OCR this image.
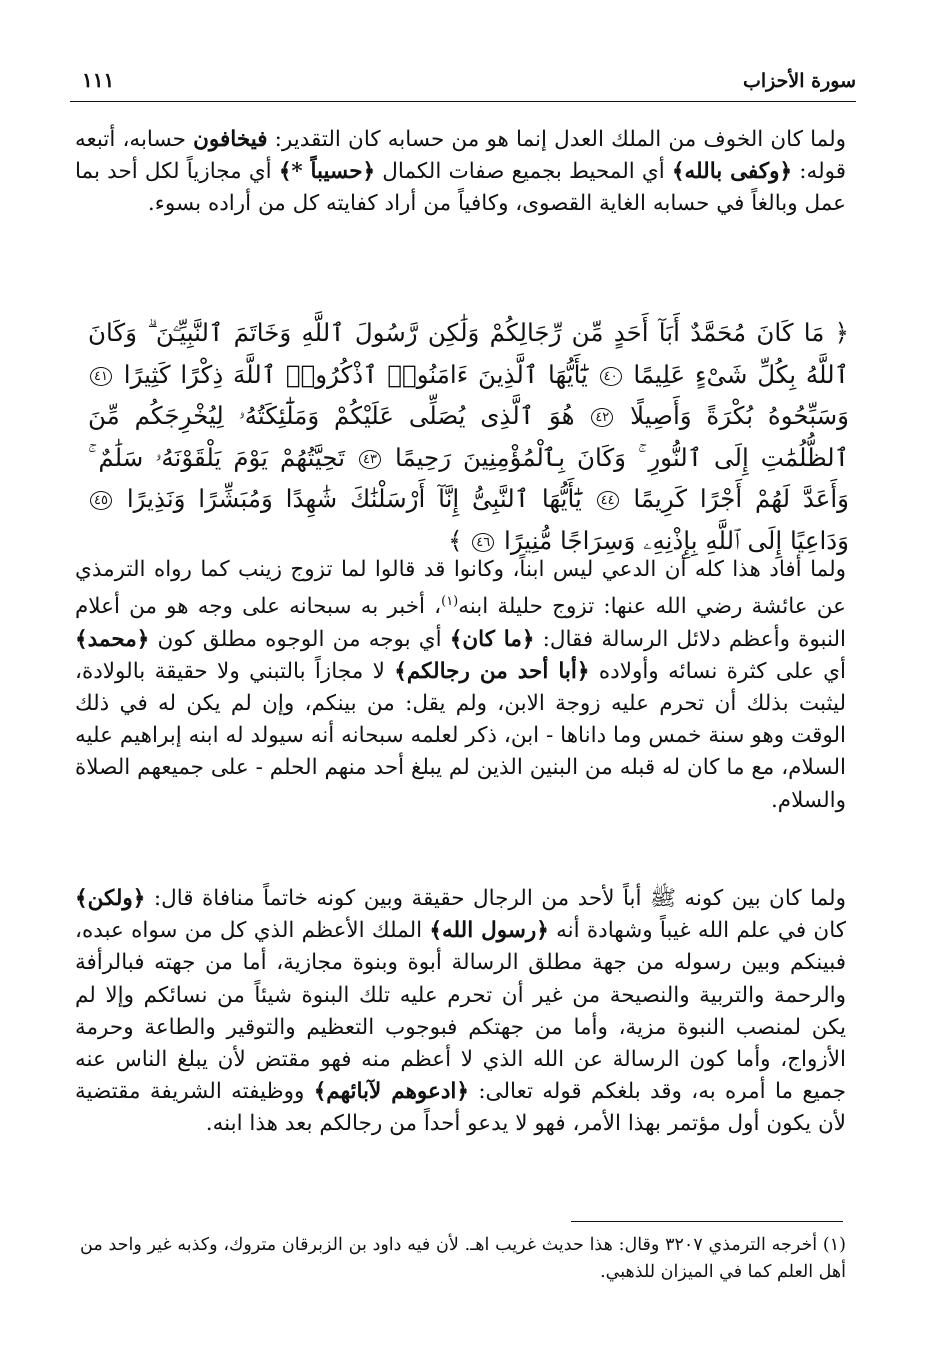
سورة الأحزاب
١١١

ولما كان الخوف من الملك العدل إنما هو من حسابه كان التقدير: فيخافون حسابه، أتبعه قوله: ﴿وكفى بالله﴾ أي المحيط بجميع صفات الكمال ﴿حسيباً *﴾ أي مجازياً لكل أحد بما عمل وبالغاً في حسابه الغاية القصوى، وكافياً من أراد كفايته كل من أراده بسوء.

﴿ مَا كَانَ مُحَمَّدٌ أَبَآ أَحَدٍ مِّن رِّجَالِكُمْ وَلَٰكِن رَّسُولَ ٱللَّهِ وَخَاتَمَ ٱلنَّبِيِّـۧنَ ۗ وَكَانَ ٱللَّهُ بِكُلِّ شَىْءٍ عَلِيمًا ٤٠ يَٰٓأَيُّهَا ٱلَّذِينَ ءَامَنُوا۟ ٱذْكُرُوا۟ ٱللَّهَ ذِكْرًا كَثِيرًا ٤١ وَسَبِّحُوهُ بُكْرَةً وَأَصِيلًا ٤٢ هُوَ ٱلَّذِى يُصَلِّى عَلَيْكُمْ وَمَلَٰٓئِكَتُهُۥ لِيُخْرِجَكُم مِّنَ ٱلظُّلُمَٰتِ إِلَى ٱلنُّورِ ۚ وَكَانَ بِٱلْمُؤْمِنِينَ رَحِيمًا ٤٣ تَحِيَّتُهُمْ يَوْمَ يَلْقَوْنَهُۥ سَلَٰمٌ ۚ وَأَعَدَّ لَهُمْ أَجْرًا كَرِيمًا ٤٤ يَٰٓأَيُّهَا ٱلنَّبِىُّ إِنَّآ أَرْسَلْنَٰكَ شَٰهِدًا وَمُبَشِّرًا وَنَذِيرًا ٤٥ وَدَاعِيًا إِلَى ٱللَّهِ بِإِذْنِهِۦ وَسِرَاجًا مُّنِيرًا ٤٦ ﴾

ولما أفاد هذا كله أن الدعي ليس ابناً، وكانوا قد قالوا لما تزوج زينب كما رواه الترمذي عن عائشة رضي الله عنها: تزوج حليلة ابنه$^{(١)}$، أخبر به سبحانه على وجه هو من أعلام النبوة وأعظم دلائل الرسالة فقال: ﴿ما كان﴾ أي بوجه من الوجوه مطلق كون ﴿محمد﴾ أي على كثرة نسائه وأولاده ﴿أبا أحد من رجالكم﴾ لا مجازاً بالتبني ولا حقيقة بالولادة، ليثبت بذلك أن تحرم عليه زوجة الابن، ولم يقل: من بينكم، وإن لم يكن له في ذلك الوقت وهو سنة خمس وما داناها - ابن، ذكر لعلمه سبحانه أنه سيولد له ابنه إبراهيم عليه السلام، مع ما كان له قبله من البنين الذين لم يبلغ أحد منهم الحلم - على جميعهم الصلاة والسلام.

ولما كان بين كونه ﷺ أباً لأحد من الرجال حقيقة وبين كونه خاتماً منافاة قال: ﴿ولكن﴾ كان في علم الله غيباً وشهادة أنه ﴿رسول الله﴾ الملك الأعظم الذي كل من سواه عبده، فبينكم وبين رسوله من جهة مطلق الرسالة أبوة وبنوة مجازية، أما من جهته فبالرأفة والرحمة والتربية والنصيحة من غير أن تحرم عليه تلك البنوة شيئاً من نسائكم وإلا لم يكن لمنصب النبوة مزية، وأما من جهتكم فبوجوب التعظيم والتوقير والطاعة وحرمة الأزواج، وأما كون الرسالة عن الله الذي لا أعظم منه فهو مقتض لأن يبلغ الناس عنه جميع ما أمره به، وقد بلغكم قوله تعالى: ﴿ادعوهم لآبائهم﴾ ووظيفته الشريفة مقتضية لأن يكون أول مؤتمر بهذا الأمر، فهو لا يدعو أحداً من رجالكم بعد هذا ابنه.

(١) أخرجه الترمذي ٣٢٠٧ وقال: هذا حديث غريب اهـ. لأن فيه داود بن الزبرقان متروك، وكذبه غير واحد من أهل العلم كما في الميزان للذهبي.
